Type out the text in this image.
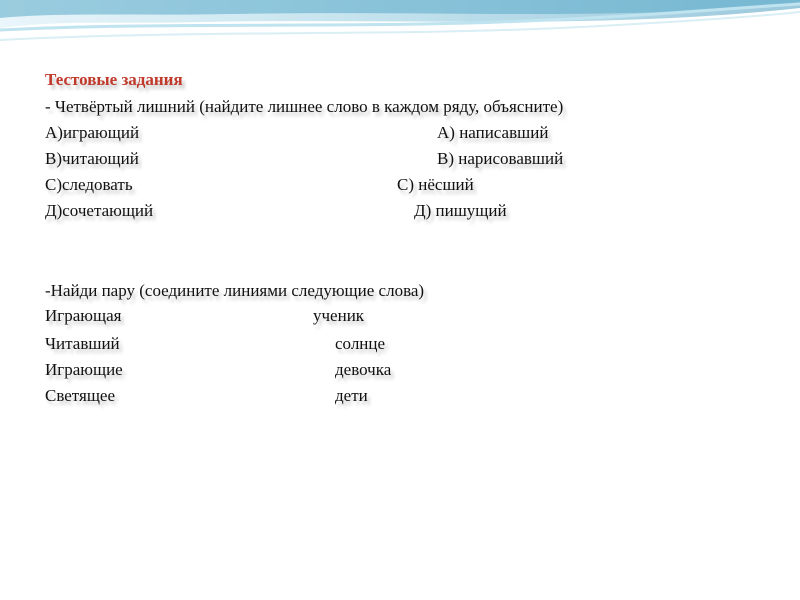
Тестовые задания
- Четвёртый лишний (найдите лишнее слово в каждом ряду, объясните)
А)играющий
В)читающий
С)следовать
Д)сочетающий
А) написавший
В) нарисовавший
С) нёсший
Д) пишущий
-Найди пару (соедините линиями следующие слова)
Играющая
Читавший
Играющие
Светящее
ученик
солнце
девочка
дети
